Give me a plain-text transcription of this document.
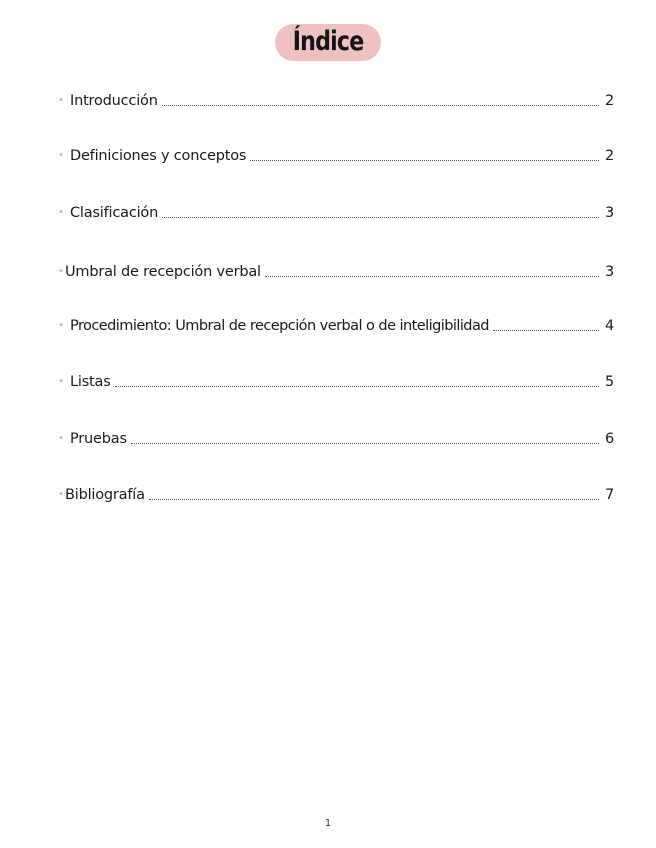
Índice
• Introducción	2
• Definiciones y conceptos	2
• Clasificación	3
• Umbral de recepción verbal	3
• Procedimiento: Umbral de recepción verbal o de inteligibilidad	4
• Listas	5
• Pruebas	6
• Bibliografía	7
1
